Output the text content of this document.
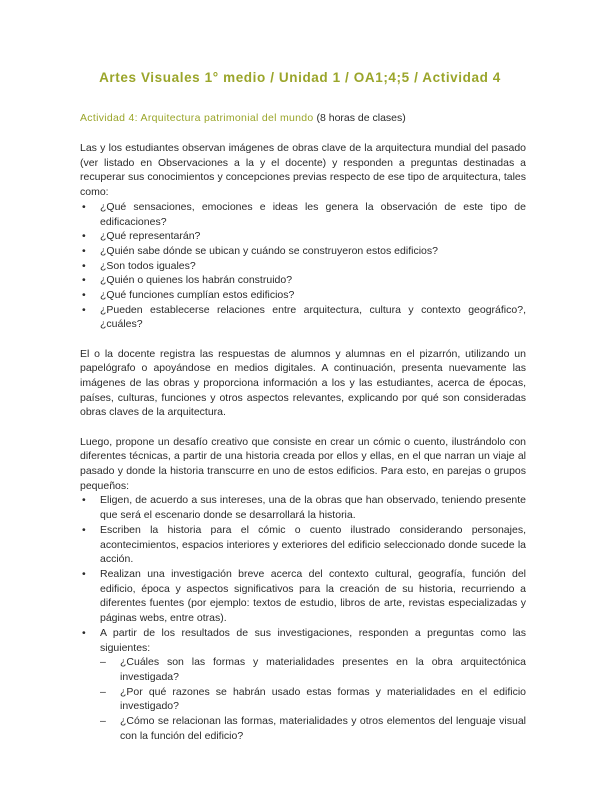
Artes Visuales 1° medio / Unidad 1 / OA1;4;5 / Actividad 4
Actividad 4: Arquitectura patrimonial del mundo (8 horas de clases)

Las y los estudiantes observan imágenes de obras clave de la arquitectura mundial del pasado (ver listado en Observaciones a la y el docente) y responden a preguntas destinadas a recuperar sus conocimientos y concepciones previas respecto de ese tipo de arquitectura, tales como:

• ¿Qué sensaciones, emociones e ideas les genera la observación de este tipo de edificaciones?
• ¿Qué representarán?
• ¿Quién sabe dónde se ubican y cuándo se construyeron estos edificios?
• ¿Son todos iguales?
• ¿Quién o quienes los habrán construido?
• ¿Qué funciones cumplían estos edificios?
• ¿Pueden establecerse relaciones entre arquitectura, cultura y contexto geográfico?, ¿cuáles?

El o la docente registra las respuestas de alumnos y alumnas en el pizarrón, utilizando un papelógrafo o apoyándose en medios digitales. A continuación, presenta nuevamente las imágenes de las obras y proporciona información a los y las estudiantes, acerca de épocas, países, culturas, funciones y otros aspectos relevantes, explicando por qué son consideradas obras claves de la arquitectura.

Luego, propone un desafío creativo que consiste en crear un cómic o cuento, ilustrándolo con diferentes técnicas, a partir de una historia creada por ellos y ellas, en el que narran un viaje al pasado y donde la historia transcurre en uno de estos edificios. Para esto, en parejas o grupos pequeños:

• Eligen, de acuerdo a sus intereses, una de la obras que han observado, teniendo presente que será el escenario donde se desarrollará la historia.
• Escriben la historia para el cómic o cuento ilustrado considerando personajes, acontecimientos, espacios interiores y exteriores del edificio seleccionado donde sucede la acción.
• Realizan una investigación breve acerca del contexto cultural, geografía, función del edificio, época y aspectos significativos para la creación de su historia, recurriendo a diferentes fuentes (por ejemplo: textos de estudio, libros de arte, revistas especializadas y páginas webs, entre otras).
• A partir de los resultados de sus investigaciones, responden a preguntas como las siguientes:
– ¿Cuáles son las formas y materialidades presentes en la obra arquitectónica investigada?
– ¿Por qué razones se habrán usado estas formas y materialidades en el edificio investigado?
– ¿Cómo se relacionan las formas, materialidades y otros elementos del lenguaje visual con la función del edificio?
